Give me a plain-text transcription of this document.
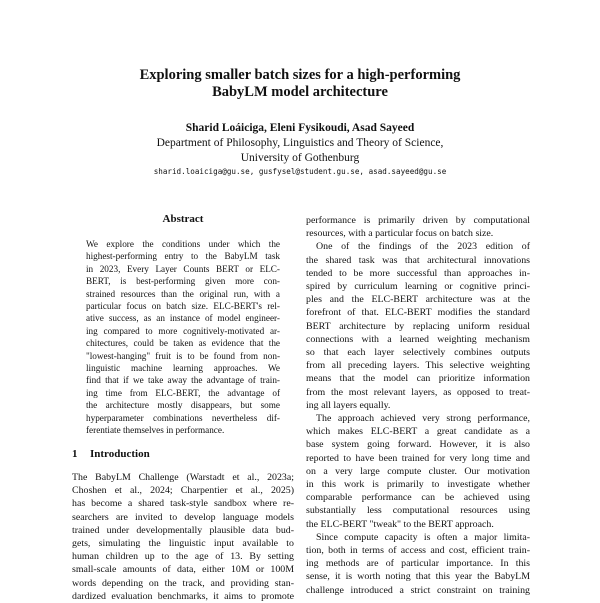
Exploring smaller batch sizes for a high-performing
BabyLM model architecture
Sharid Loáiciga, Eleni Fysikoudi, Asad Sayeed
Department of Philosophy, Linguistics and Theory of Science,
University of Gothenburg
sharid.loaiciga@gu.se, gusfysel@student.gu.se, asad.sayeed@gu.se
Abstract
We explore the conditions under which the
highest-performing entry to the BabyLM task
in 2023, Every Layer Counts BERT or ELC-
BERT, is best-performing given more con-
strained resources than the original run, with a
particular focus on batch size. ELC-BERT's rel-
ative success, as an instance of model engineer-
ing compared to more cognitively-motivated ar-
chitectures, could be taken as evidence that the
"lowest-hanging" fruit is to be found from non-
linguistic machine learning approaches. We
find that if we take away the advantage of train-
ing time from ELC-BERT, the advantage of
the architecture mostly disappears, but some
hyperparameter combinations nevertheless dif-
ferentiate themselves in performance.
1 Introduction
The BabyLM Challenge (Warstadt et al., 2023a;
Choshen et al., 2024; Charpentier et al., 2025)
has become a shared task-style sandbox where re-
searchers are invited to develop language models
trained under developmentally plausible data bud-
gets, simulating the linguistic input available to
human children up to the age of 13. By setting
small-scale amounts of data, either 10M or 100M
words depending on the track, and providing stan-
dardized evaluation benchmarks, it aims to promote
performance is primarily driven by computational
resources, with a particular focus on batch size.
One of the findings of the 2023 edition of
the shared task was that architectural innovations
tended to be more successful than approaches in-
spired by curriculum learning or cognitive princi-
ples and the ELC-BERT architecture was at the
forefront of that. ELC-BERT modifies the standard
BERT architecture by replacing uniform residual
connections with a learned weighting mechanism
so that each layer selectively combines outputs
from all preceding layers. This selective weighting
means that the model can prioritize information
from the most relevant layers, as opposed to treat-
ing all layers equally.
The approach achieved very strong performance,
which makes ELC-BERT a great candidate as a
base system going forward. However, it is also
reported to have been trained for very long time and
on a very large compute cluster. Our motivation
in this work is primarily to investigate whether
comparable performance can be achieved using
substantially less computational resources using
the ELC-BERT "tweak" to the BERT approach.
Since compute capacity is often a major limita-
tion, both in terms of access and cost, efficient train-
ing methods are of particular importance. In this
sense, it is worth noting that this year the BabyLM
challenge introduced a strict constraint on training
